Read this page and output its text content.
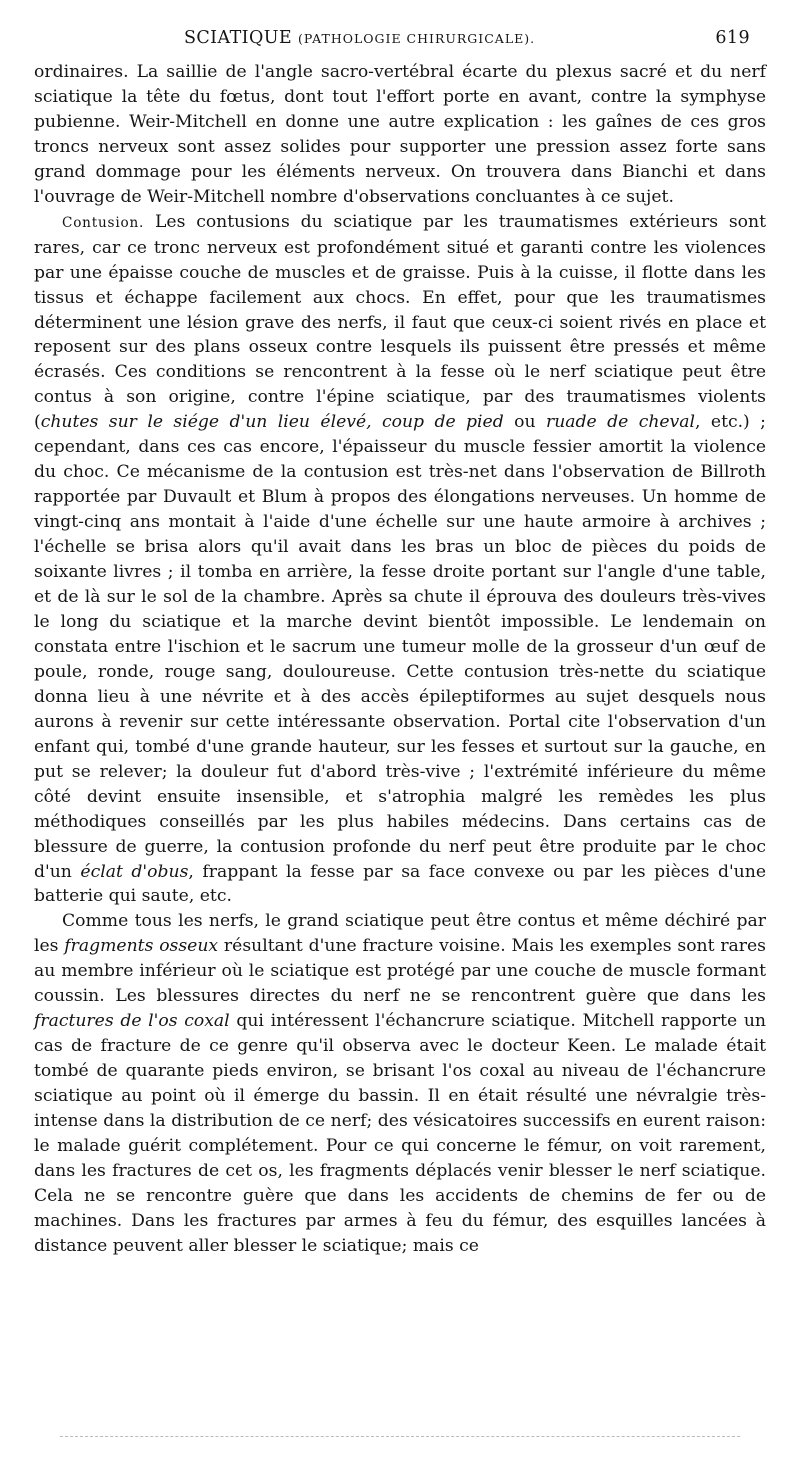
SCIATIQUE (PATHOLOGIE CHIRURGICALE).	619

ordinaires. La saillie de l'angle sacro-vertébral écarte du plexus sacré et du nerf sciatique la tête du fœtus, dont tout l'effort porte en avant, contre la symphyse pubienne. Weir-Mitchell en donne une autre explication : les gaînes de ces gros troncs nerveux sont assez solides pour supporter une pression assez forte sans grand dommage pour les éléments nerveux. On trouvera dans Bianchi et dans l'ouvrage de Weir-Mitchell nombre d'observations concluantes à ce sujet.

Contusion. Les contusions du sciatique par les traumatismes extérieurs sont rares, car ce tronc nerveux est profondément situé et garanti contre les violences par une épaisse couche de muscles et de graisse. Puis à la cuisse, il flotte dans les tissus et échappe facilement aux chocs. En effet, pour que les traumatismes déterminent une lésion grave des nerfs, il faut que ceux-ci soient rivés en place et reposent sur des plans osseux contre lesquels ils puissent être pressés et même écrasés. Ces conditions se rencontrent à la fesse où le nerf sciatique peut être contus à son origine, contre l'épine sciatique, par des traumatismes violents (chutes sur le siége d'un lieu élevé, coup de pied ou ruade de cheval, etc.) ; cependant, dans ces cas encore, l'épaisseur du muscle fessier amortit la violence du choc. Ce mécanisme de la contusion est très-net dans l'observation de Billroth rapportée par Duvault et Blum à propos des élongations nerveuses. Un homme de vingt-cinq ans montait à l'aide d'une échelle sur une haute armoire à archives ; l'échelle se brisa alors qu'il avait dans les bras un bloc de pièces du poids de soixante livres ; il tomba en arrière, la fesse droite portant sur l'angle d'une table, et de là sur le sol de la chambre. Après sa chute il éprouva des douleurs très-vives le long du sciatique et la marche devint bientôt impossible. Le lendemain on constata entre l'ischion et le sacrum une tumeur molle de la grosseur d'un œuf de poule, ronde, rouge sang, douloureuse. Cette contusion très-nette du sciatique donna lieu à une névrite et à des accès épileptiformes au sujet desquels nous aurons à revenir sur cette intéressante observation. Portal cite l'observation d'un enfant qui, tombé d'une grande hauteur, sur les fesses et surtout sur la gauche, en put se relever; la douleur fut d'abord très-vive ; l'extrémité inférieure du même côté devint ensuite insensible, et s'atrophia malgré les remèdes les plus méthodiques conseillés par les plus habiles médecins. Dans certains cas de blessure de guerre, la contusion profonde du nerf peut être produite par le choc d'un éclat d'obus, frappant la fesse par sa face convexe ou par les pièces d'une batterie qui saute, etc.

Comme tous les nerfs, le grand sciatique peut être contus et même déchiré par les fragments osseux résultant d'une fracture voisine. Mais les exemples sont rares au membre inférieur où le sciatique est protégé par une couche de muscle formant coussin. Les blessures directes du nerf ne se rencontrent guère que dans les fractures de l'os coxal qui intéressent l'échancrure sciatique. Mitchell rapporte un cas de fracture de ce genre qu'il observa avec le docteur Keen. Le malade était tombé de quarante pieds environ, se brisant l'os coxal au niveau de l'échancrure sciatique au point où il émerge du bassin. Il en était résulté une névralgie très-intense dans la distribution de ce nerf; des vésicatoires successifs en eurent raison: le malade guérit complétement. Pour ce qui concerne le fémur, on voit rarement, dans les fractures de cet os, les fragments déplacés venir blesser le nerf sciatique. Cela ne se rencontre guère que dans les accidents de chemins de fer ou de machines. Dans les fractures par armes à feu du fémur, des esquilles lancées à distance peuvent aller blesser le sciatique; mais ce
